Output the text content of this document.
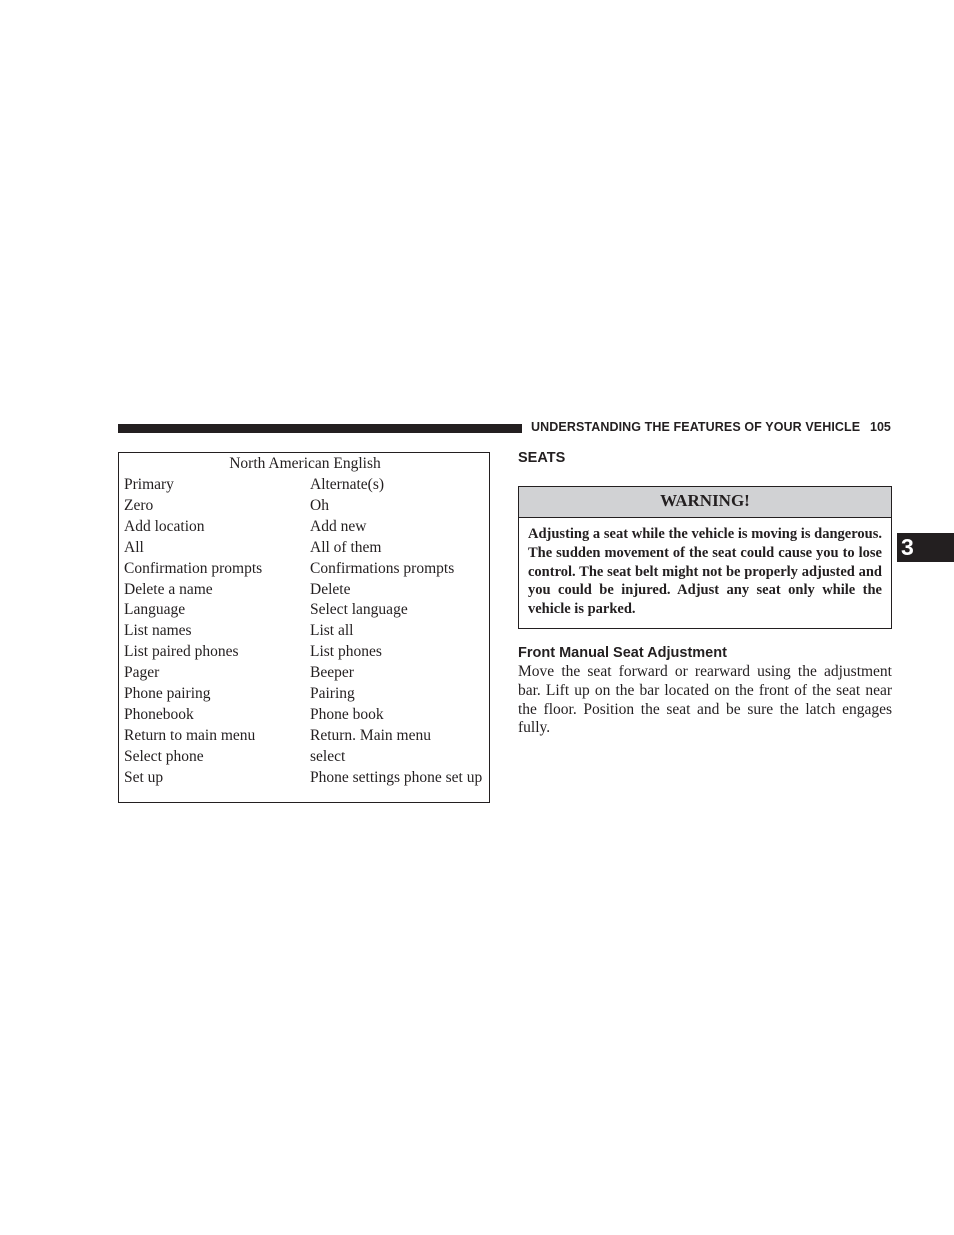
UNDERSTANDING THE FEATURES OF YOUR VEHICLE 105
3
North American English
Primary	Alternate(s)
Zero	Oh
Add location	Add new
All	All of them
Confirmation prompts	Confirmations prompts
Delete a name	Delete
Language	Select language
List names	List all
List paired phones	List phones
Pager	Beeper
Phone pairing	Pairing
Phonebook	Phone book
Return to main menu	Return. Main menu
Select phone	select
Set up	Phone settings phone set up
SEATS
WARNING!

Adjusting a seat while the vehicle is moving is dangerous. The sudden movement of the seat could cause you to lose control. The seat belt might not be properly adjusted and you could be injured. Adjust any seat only while the vehicle is parked.

Front Manual Seat Adjustment

Move the seat forward or rearward using the adjustment bar. Lift up on the bar located on the front of the seat near the floor. Position the seat and be sure the latch engages fully.
